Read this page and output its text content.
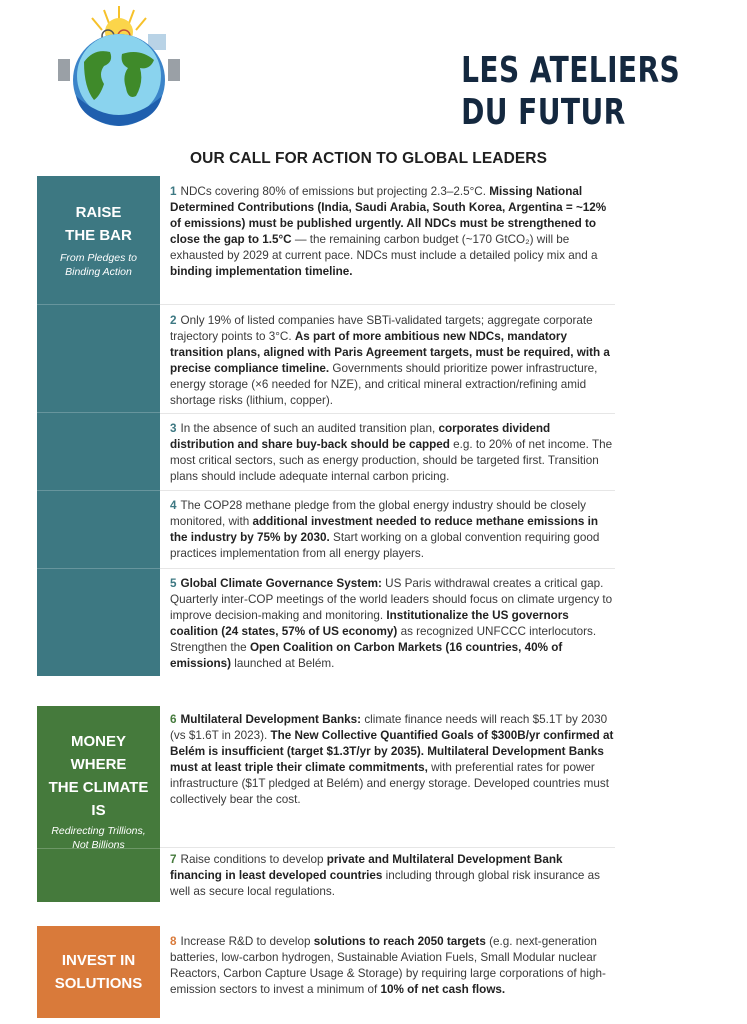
LES ATELIERS
DU FUTUR
OUR CALL FOR ACTION TO GLOBAL LEADERS
RAISE
THE BAR
From Pledges to Binding Action
MONEY
WHERE
THE CLIMATE
IS
Redirecting Trillions, Not Billions
INVEST IN
SOLUTIONS
1 NDCs covering 80% of emissions but projecting 2.3–2.5°C. Missing National Determined Contributions (India, Saudi Arabia, South Korea, Argentina = ~12% of emissions) must be published urgently. All NDCs must be strengthened to close the gap to 1.5°C — the remaining carbon budget (~170 GtCO₂) will be exhausted by 2029 at current pace. NDCs must include a detailed policy mix and a binding implementation timeline.
2 Only 19% of listed companies have SBTi-validated targets; aggregate corporate trajectory points to 3°C. As part of more ambitious new NDCs, mandatory transition plans, aligned with Paris Agreement targets, must be required, with a precise compliance timeline. Governments should prioritize power infrastructure, energy storage (×6 needed for NZE), and critical mineral extraction/refining amid shortage risks (lithium, copper).
3 In the absence of such an audited transition plan, corporates dividend distribution and share buy-back should be capped e.g. to 20% of net income. The most critical sectors, such as energy production, should be targeted first. Transition plans should include adequate internal carbon pricing.
4 The COP28 methane pledge from the global energy industry should be closely monitored, with additional investment needed to reduce methane emissions in the industry by 75% by 2030. Start working on a global convention requiring good practices implementation from all energy players.
5 Global Climate Governance System: US Paris withdrawal creates a critical gap. Quarterly inter-COP meetings of the world leaders should focus on climate urgency to improve decision-making and monitoring. Institutionalize the US governors coalition (24 states, 57% of US economy) as recognized UNFCCC interlocutors. Strengthen the Open Coalition on Carbon Markets (16 countries, 40% of emissions) launched at Belém.
6 Multilateral Development Banks: climate finance needs will reach $5.1T by 2030 (vs $1.6T in 2023). The New Collective Quantified Goals of $300B/yr confirmed at Belém is insufficient (target $1.3T/yr by 2035). Multilateral Development Banks must at least triple their climate commitments, with preferential rates for power infrastructure ($1T pledged at Belém) and energy storage. Developed countries must collectively bear the cost.
7 Raise conditions to develop private and Multilateral Development Bank financing in least developed countries including through global risk insurance as well as secure local regulations.
8 Increase R&D to develop solutions to reach 2050 targets (e.g. next-generation batteries, low-carbon hydrogen, Sustainable Aviation Fuels, Small Modular nuclear Reactors, Carbon Capture Usage & Storage) by requiring large corporations of high-emission sectors to invest a minimum of 10% of net cash flows.
